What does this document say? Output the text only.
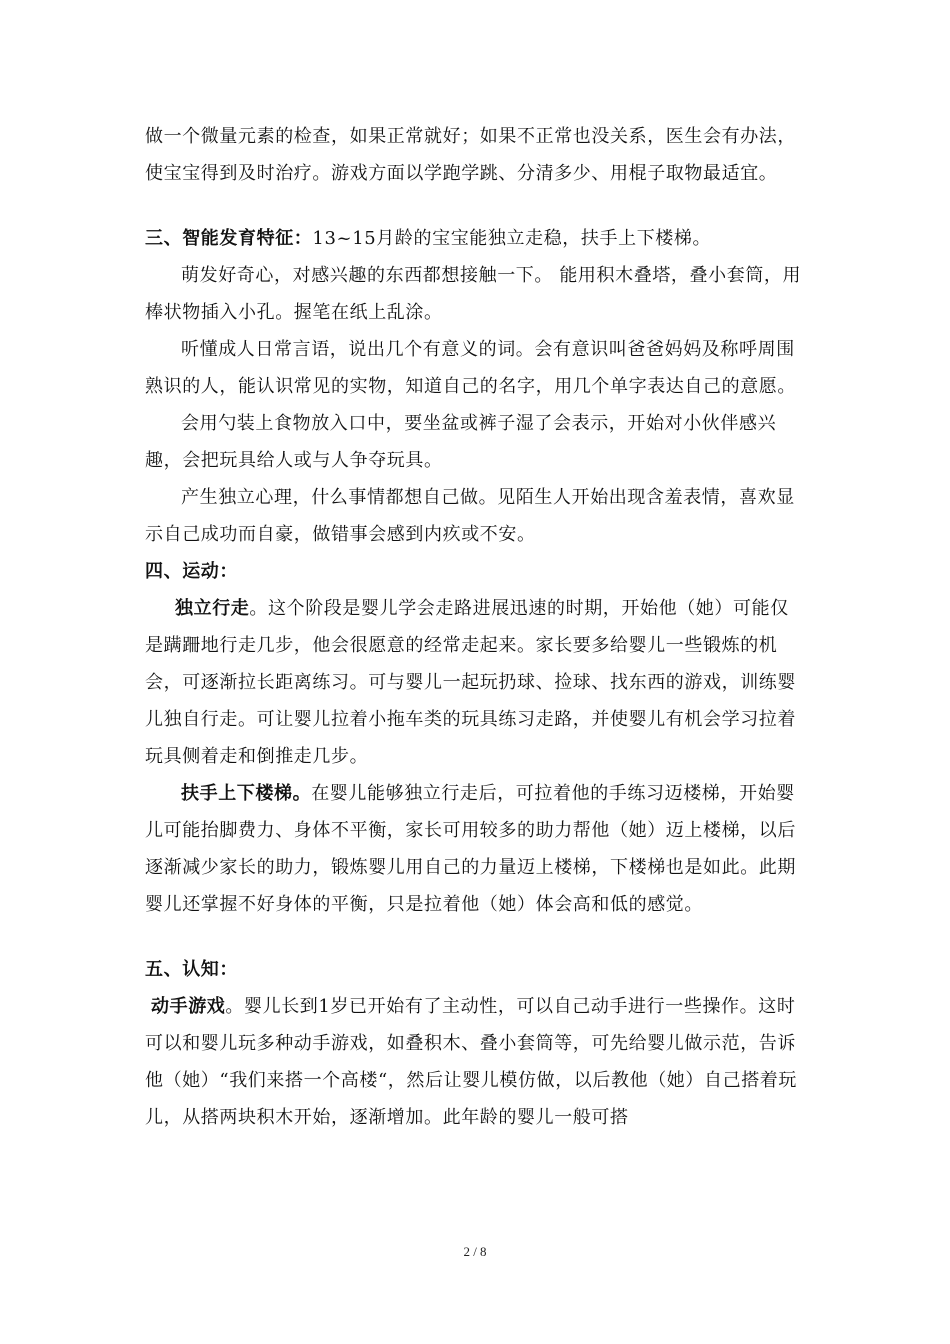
做一个微量元素的检查，如果正常就好；如果不正常也没关系，医生会有办法，使宝宝得到及时治疗。游戏方面以学跑学跳、分清多少、用棍子取物最适宜。

三、智能发育特征：13~15月龄的宝宝能独立走稳，扶手上下楼梯。

萌发好奇心，对感兴趣的东西都想接触一下。 能用积木叠塔，叠小套筒，用棒状物插入小孔。握笔在纸上乱涂。

听懂成人日常言语，说出几个有意义的词。会有意识叫爸爸妈妈及称呼周围熟识的人，能认识常见的实物，知道自己的名字，用几个单字表达自己的意愿。

会用勺装上食物放入口中，要坐盆或裤子湿了会表示，开始对小伙伴感兴趣，会把玩具给人或与人争夺玩具。

产生独立心理，什么事情都想自己做。见陌生人开始出现含羞表情，喜欢显示自己成功而自豪，做错事会感到内疚或不安。

四、运动：

独立行走。这个阶段是婴儿学会走路进展迅速的时期，开始他（她）可能仅是蹒跚地行走几步，他会很愿意的经常走起来。家长要多给婴儿一些锻炼的机会，可逐渐拉长距离练习。可与婴儿一起玩扔球、捡球、找东西的游戏，训练婴儿独自行走。可让婴儿拉着小拖车类的玩具练习走路，并使婴儿有机会学习拉着玩具侧着走和倒推走几步。

扶手上下楼梯。在婴儿能够独立行走后，可拉着他的手练习迈楼梯，开始婴儿可能抬脚费力、身体不平衡，家长可用较多的助力帮他（她）迈上楼梯，以后逐渐减少家长的助力，锻炼婴儿用自己的力量迈上楼梯，下楼梯也是如此。此期婴儿还掌握不好身体的平衡，只是拉着他（她）体会高和低的感觉。

五、认知：

动手游戏。婴儿长到1岁已开始有了主动性，可以自己动手进行一些操作。这时可以和婴儿玩多种动手游戏，如叠积木、叠小套筒等，可先给婴儿做示范，告诉他（她）“我们来搭一个高楼“，然后让婴儿模仿做，以后教他（她）自己搭着玩儿，从搭两块积木开始，逐渐增加。此年龄的婴儿一般可搭

2 / 8
